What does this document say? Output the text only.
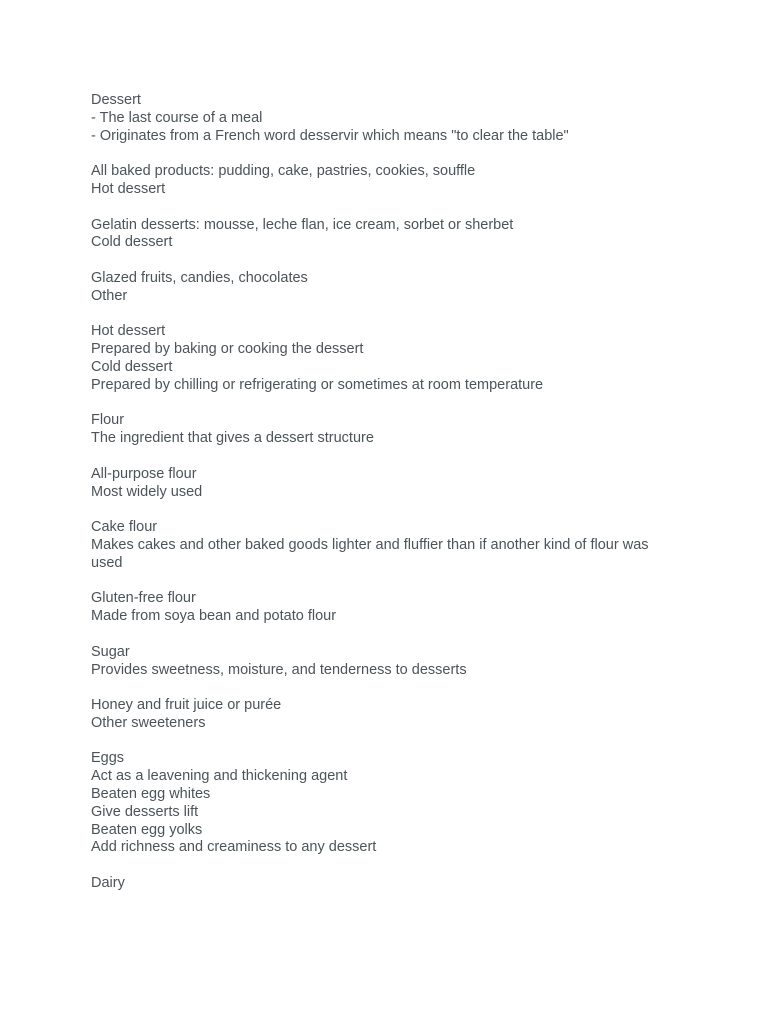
Dessert
- The last course of a meal
- Originates from a French word desservir which means "to clear the table"
All baked products: pudding, cake, pastries, cookies, souffle
Hot dessert
Gelatin desserts: mousse, leche flan, ice cream, sorbet or sherbet
Cold dessert
Glazed fruits, candies, chocolates
Other
Hot dessert
Prepared by baking or cooking the dessert
Cold dessert
Prepared by chilling or refrigerating or sometimes at room temperature
Flour
The ingredient that gives a dessert structure
All-purpose flour
Most widely used
Cake flour
Makes cakes and other baked goods lighter and fluffier than if another kind of flour was used
Gluten-free flour
Made from soya bean and potato flour
Sugar
Provides sweetness, moisture, and tenderness to desserts
Honey and fruit juice or purée
Other sweeteners
Eggs
Act as a leavening and thickening agent
Beaten egg whites
Give desserts lift
Beaten egg yolks
Add richness and creaminess to any dessert
Dairy
